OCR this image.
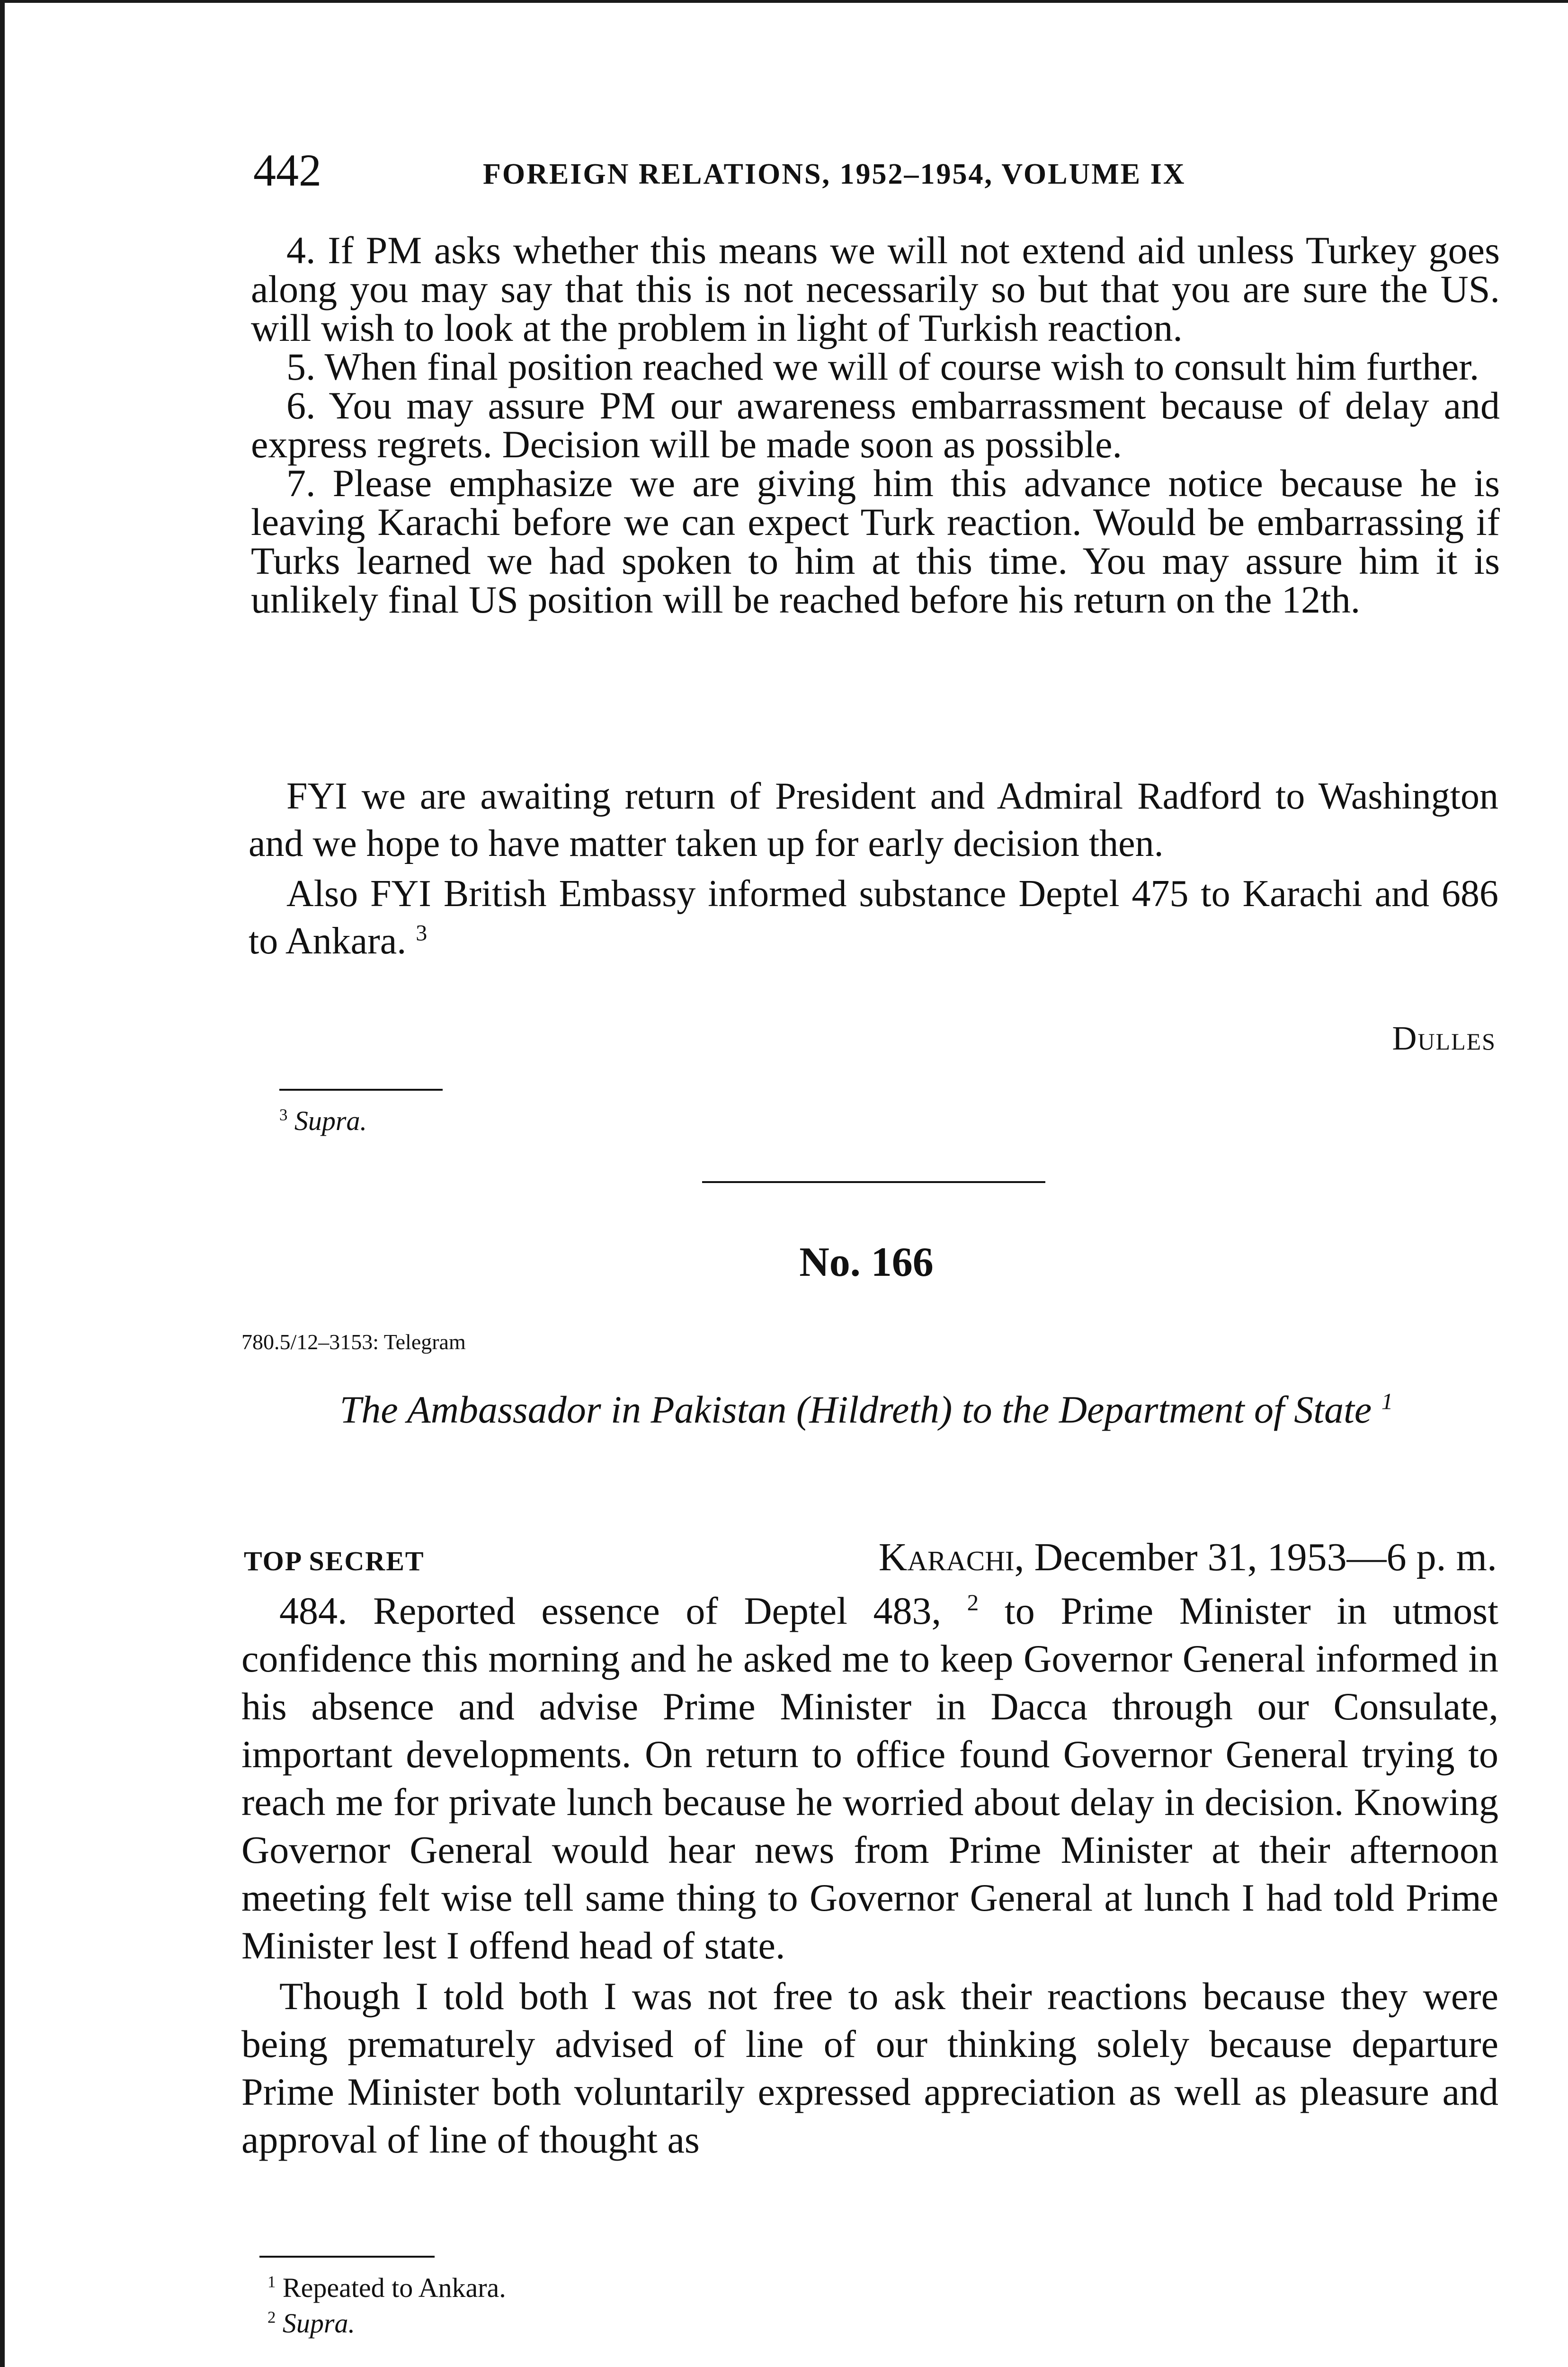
442	FOREIGN RELATIONS, 1952–1954, VOLUME IX

4. If PM asks whether this means we will not extend aid unless Turkey goes along you may say that this is not necessarily so but that you are sure the US. will wish to look at the problem in light of Turkish reaction.

5. When final position reached we will of course wish to consult him further.

6. You may assure PM our awareness embarrassment because of delay and express regrets. Decision will be made soon as possible.

7. Please emphasize we are giving him this advance notice because he is leaving Karachi before we can expect Turk reaction. Would be embarrassing if Turks learned we had spoken to him at this time. You may assure him it is unlikely final US position will be reached before his return on the 12th.

FYI we are awaiting return of President and Admiral Radford to Washington and we hope to have matter taken up for early decision then.

Also FYI British Embassy informed substance Deptel 475 to Karachi and 686 to Ankara. $^3$

Dulles
$^3$ Supra.
No. 166
780.5/12–3153: Telegram
The Ambassador in Pakistan (Hildreth) to the Department of State $^1$
TOP SECRET	Karachi, December 31, 1953—6 p. m.

484. Reported essence of Deptel 483, $^2$ to Prime Minister in utmost confidence this morning and he asked me to keep Governor General informed in his absence and advise Prime Minister in Dacca through our Consulate, important developments. On return to office found Governor General trying to reach me for private lunch because he worried about delay in decision. Knowing Governor General would hear news from Prime Minister at their afternoon meeting felt wise tell same thing to Governor General at lunch I had told Prime Minister lest I offend head of state.

Though I told both I was not free to ask their reactions because they were being prematurely advised of line of our thinking solely because departure Prime Minister both voluntarily expressed appreciation as well as pleasure and approval of line of thought as

$^1$ Repeated to Ankara.
$^2$ Supra.
